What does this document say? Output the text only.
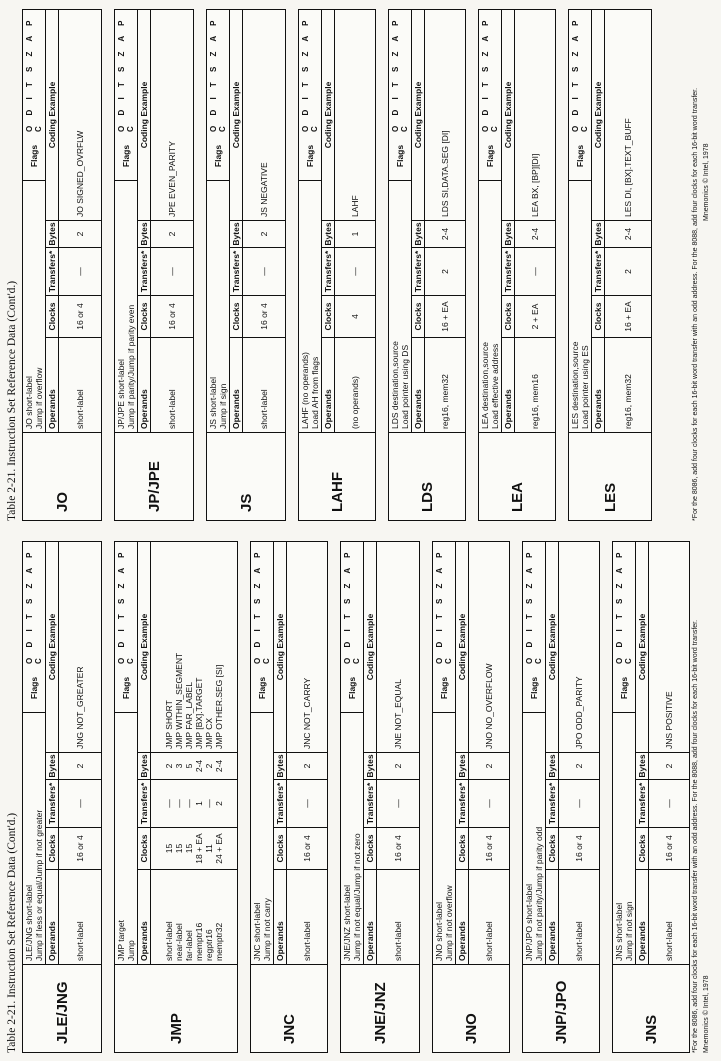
Table 2-21. Instruction Set Reference Data (Cont'd.)
Table 2-21. Instruction Set Reference Data (Cont'd.)
JLE/JNG
JLE/JNG short-label Jump if less or equal/Jump if not greater
Flags
O D I T S Z A P C
Operands
Clocks
Transfers*
Bytes
Coding Example
short-label
16 or 4
—
2
JNG NOT_GREATER
JMP
JMP target Jump
Flags
O D I T S Z A P C
Operands
Clocks
Transfers*
Bytes
Coding Example
short-label near-label far-label memptr16 regptr16 memptr32
15 15 15 18 + EA 11 24 + EA
— — — 1 — 2
2 3 5 2-4 2 2-4
JMP SHORT JMP WITHIN_SEGMENT JMP FAR_LABEL JMP [BX].TARGET JMP CX JMP OTHER.SEG [SI]
JNC
JNC short-label Jump if not carry
Flags
O D I T S Z A P C
Operands
Clocks
Transfers*
Bytes
Coding Example
short-label
16 or 4
—
2
JNC NOT_CARRY
JNE/JNZ
JNE/JNZ short-label Jump if not equal/Jump if not zero
Flags
O D I T S Z A P C
Operands
Clocks
Transfers*
Bytes
Coding Example
short-label
16 or 4
—
2
JNE NOT_EQUAL
JNO
JNO short-label Jump if not overflow
Flags
O D I T S Z A P C
Operands
Clocks
Transfers*
Bytes
Coding Example
short-label
16 or 4
—
2
JNO NO_OVERFLOW
JNP/JPO
JNP/JPO short-label Jump if not parity/Jump if parity odd
Flags
O D I T S Z A P C
Operands
Clocks
Transfers*
Bytes
Coding Example
short-label
16 or 4
—
2
JPO ODD_PARITY
JNS
JNS short-label Jump if not sign
Flags
O D I T S Z A P C
Operands
Clocks
Transfers*
Bytes
Coding Example
short-label
16 or 4
—
2
JNS POSITIVE
JO
JO short-label Jump if overflow
Flags
O D I T S Z A P C
Operands
Clocks
Transfers*
Bytes
Coding Example
short-label
16 or 4
—
2
JO SIGNED_OVRFLW
JP/JPE
JP/JPE short-label Jump if parity/Jump if parity even
Flags
O D I T S Z A P C
Operands
Clocks
Transfers*
Bytes
Coding Example
short-label
16 or 4
—
2
JPE EVEN_PARITY
JS
JS short-label Jump if sign
Flags
O D I T S Z A P C
Operands
Clocks
Transfers*
Bytes
Coding Example
short-label
16 or 4
—
2
JS NEGATIVE
LAHF
LAHF (no operands) Load AH from flags
Flags
O D I T S Z A P C
Operands
Clocks
Transfers*
Bytes
Coding Example
(no operands)
4
—
1
LAHF
LDS
LDS destination,source Load pointer using DS
Flags
O D I T S Z A P C
Operands
Clocks
Transfers*
Bytes
Coding Example
reg16, mem32
16 + EA
2
2-4
LDS SI,DATA.SEG [DI]
LEA
LEA destination,source Load effective address
Flags
O D I T S Z A P C
Operands
Clocks
Transfers*
Bytes
Coding Example
reg16, mem16
2 + EA
—
2-4
LEA BX, [BP][DI]
LES
LES destination,source Load pointer using ES
Flags
O D I T S Z A P C
Operands
Clocks
Transfers*
Bytes
Coding Example
reg16, mem32
16 + EA
2
2-4
LES DI, [BX].TEXT_BUFF
*For the 8086, add four clocks for each 16-bit word transfer with an odd address. For the 8088, add four clocks for each 16-bit word transfer. Mnemonics © Intel, 1978
*For the 8086, add four clocks for each 16-bit word transfer with an odd address. For the 8088, add four clocks for each 16-bit word transfer. Mnemonics © Intel, 1978
